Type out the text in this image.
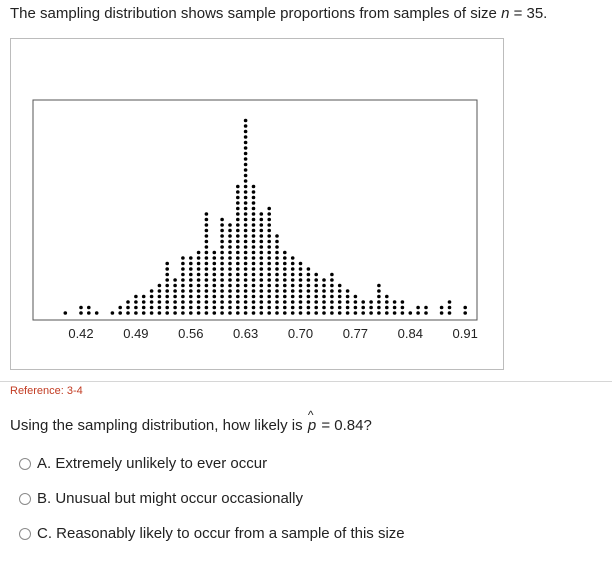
The sampling distribution shows sample proportions from samples of size n = 35.
0.42 0.49 0.56 0.63 0.70 0.77 0.84 0.91
Reference: 3-4
Using the sampling distribution, how likely is ^ p = 0.84?
A. Extremely unlikely to ever occur
B. Unusual but might occur occasionally
C. Reasonably likely to occur from a sample of this size
